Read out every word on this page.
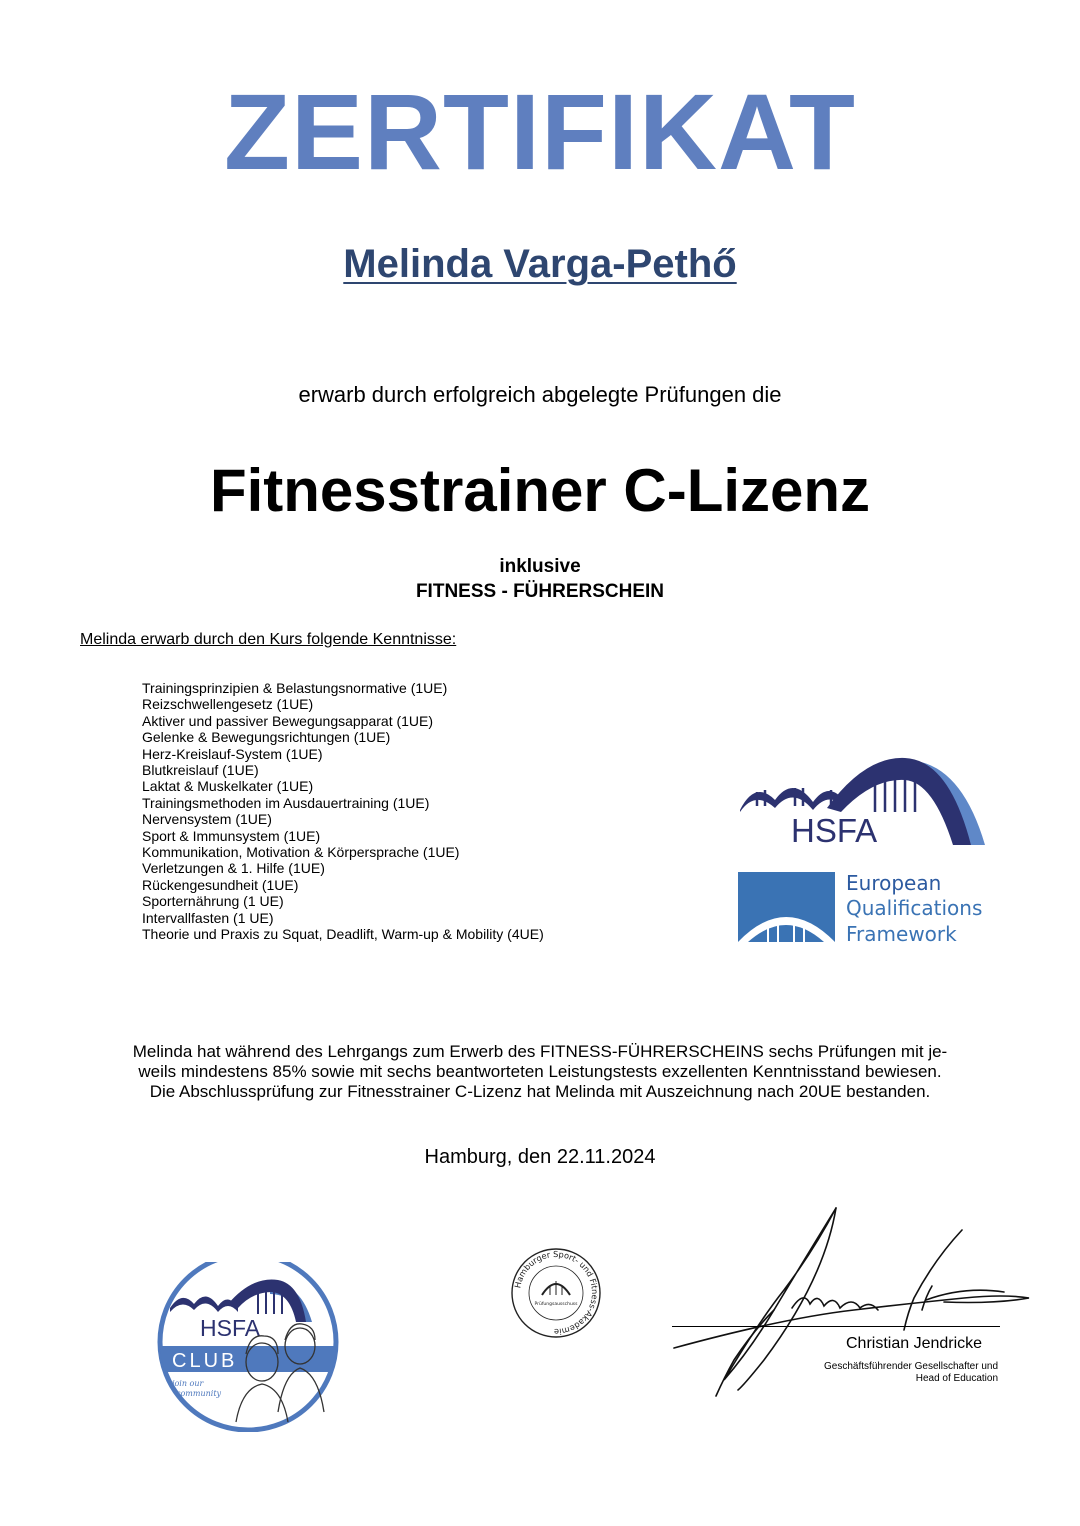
ZERTIFIKAT
Melinda Varga-Pethő
erwarb durch erfolgreich abgelegte Prüfungen die
Fitnesstrainer C-Lizenz
inklusive
FITNESS - FÜHRERSCHEIN
Melinda erwarb durch den Kurs folgende Kenntnisse:
Trainingsprinzipien & Belastungsnormative (1UE)
Reizschwellengesetz (1UE)
Aktiver und passiver Bewegungsapparat (1UE)
Gelenke & Bewegungsrichtungen (1UE)
Herz-Kreislauf-System (1UE)
Blutkreislauf (1UE)
Laktat & Muskelkater (1UE)
Trainingsmethoden im Ausdauertraining (1UE)
Nervensystem (1UE)
Sport & Immunsystem (1UE)
Kommunikation, Motivation & Körpersprache (1UE)
Verletzungen & 1. Hilfe (1UE)
Rückengesundheit (1UE)
Sporternährung (1 UE)
Intervallfasten (1 UE)
Theorie und Praxis zu Squat, Deadlift, Warm-up & Mobility (4UE)
HSFA
European
Qualifications
Framework
Melinda hat während des Lehrgangs zum Erwerb des FITNESS-FÜHRERSCHEINS sechs Prüfungen mit je-
weils mindestens 85% sowie mit sechs beantworteten Leistungstests exzellenten Kenntnisstand bewiesen.
Die Abschlussprüfung zur Fitnesstrainer C-Lizenz hat Melinda mit Auszeichnung nach 20UE bestanden.
Hamburg, den 22.11.2024
HSFA
CLUB
join our
community
Hamburger Sport- und Fitness-Akademie
Prüfungsausschuss
Christian Jendricke
Geschäftsführender Gesellschafter und
Head of Education
